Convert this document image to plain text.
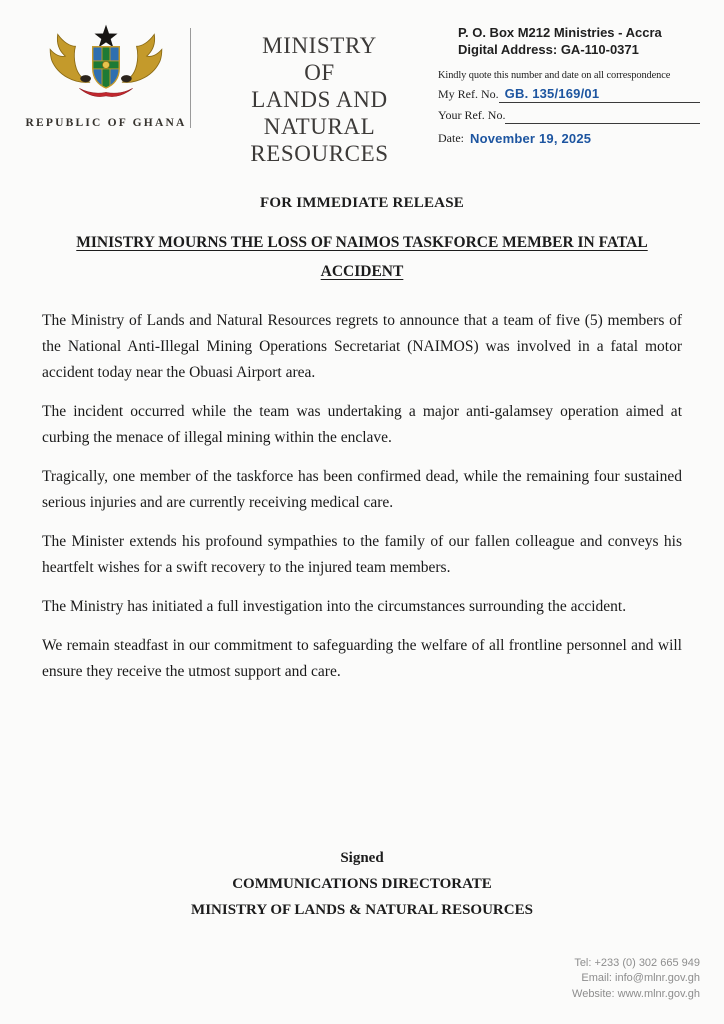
REPUBLIC OF GHANA
MINISTRY
OF
LANDS AND NATURAL
RESOURCES
P. O. Box M212 Ministries - Accra
Digital Address: GA-110-0371
Kindly quote this number and date on all correspondence
My Ref. No. GB. 135/169/01
Your Ref. No.
Date: November 19, 2025
FOR IMMEDIATE RELEASE
MINISTRY MOURNS THE LOSS OF NAIMOS TASKFORCE MEMBER IN FATAL ACCIDENT

The Ministry of Lands and Natural Resources regrets to announce that a team of five (5) members of the National Anti-Illegal Mining Operations Secretariat (NAIMOS) was involved in a fatal motor accident today near the Obuasi Airport area.

The incident occurred while the team was undertaking a major anti-galamsey operation aimed at curbing the menace of illegal mining within the enclave.

Tragically, one member of the taskforce has been confirmed dead, while the remaining four sustained serious injuries and are currently receiving medical care.

The Minister extends his profound sympathies to the family of our fallen colleague and conveys his heartfelt wishes for a swift recovery to the injured team members.

The Ministry has initiated a full investigation into the circumstances surrounding the accident.

We remain steadfast in our commitment to safeguarding the welfare of all frontline personnel and will ensure they receive the utmost support and care.

Signed
COMMUNICATIONS DIRECTORATE
MINISTRY OF LANDS & NATURAL RESOURCES
Tel: +233 (0) 302 665 949
Email: info@mlnr.gov.gh
Website: www.mlnr.gov.gh
